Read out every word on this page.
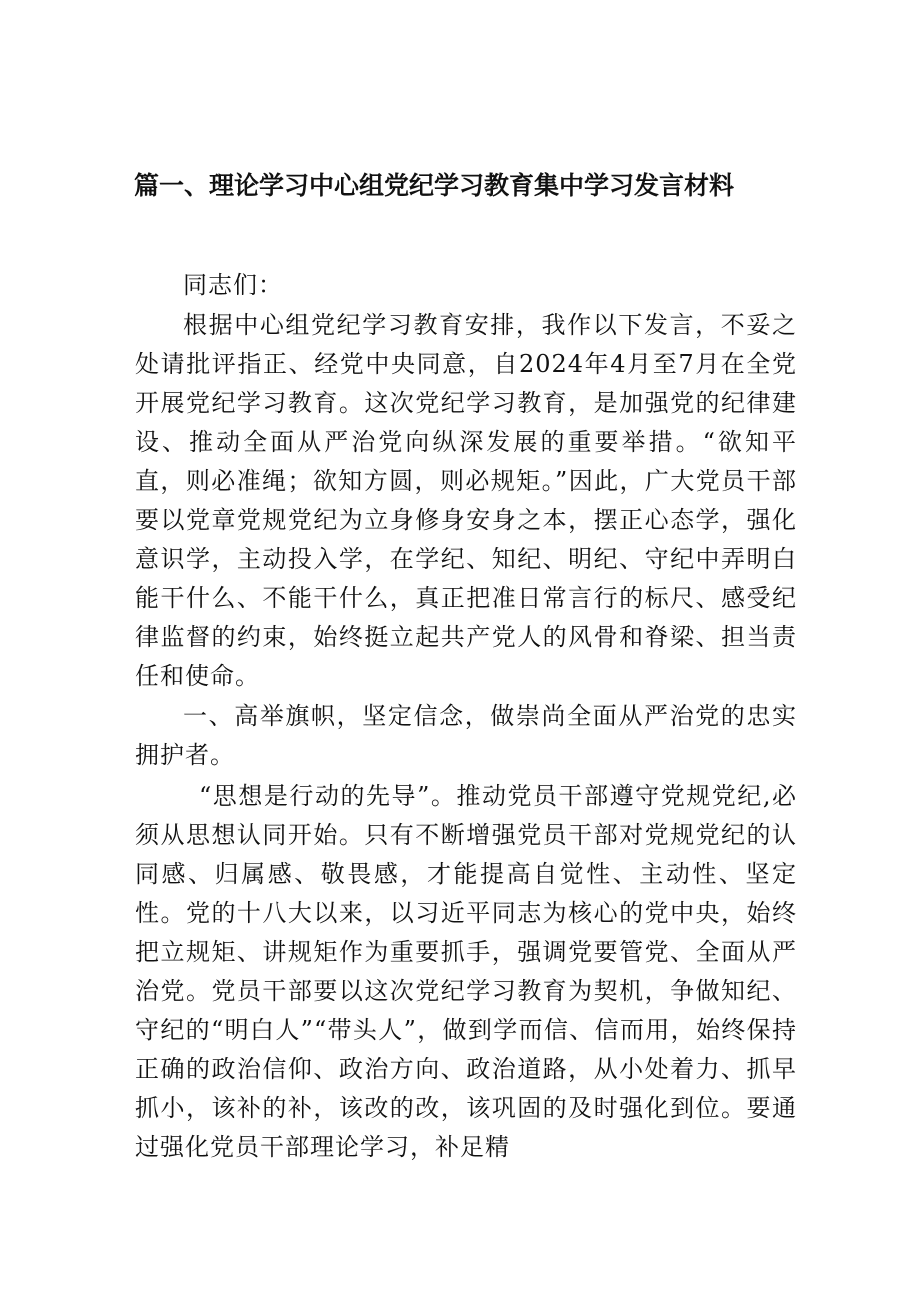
篇一、理论学习中心组党纪学习教育集中学习发言材料

同志们：

根据中心组党纪学习教育安排，我作以下发言，不妥之处请批评指正、经党中央同意，自2024年4月至7月在全党开展党纪学习教育。这次党纪学习教育，是加强党的纪律建设、推动全面从严治党向纵深发展的重要举措。“欲知平直，则必准绳；欲知方圆，则必规矩。”因此，广大党员干部要以党章党规党纪为立身修身安身之本，摆正心态学，强化意识学，主动投入学，在学纪、知纪、明纪、守纪中弄明白能干什么、不能干什么，真正把准日常言行的标尺、感受纪律监督的约束，始终挺立起共产党人的风骨和脊梁、担当责任和使命。

一、高举旗帜，坚定信念，做崇尚全面从严治党的忠实拥护者。

“思想是行动的先导”。推动党员干部遵守党规党纪,必须从思想认同开始。只有不断增强党员干部对党规党纪的认同感、归属感、敬畏感，才能提高自觉性、主动性、坚定性。党的十八大以来，以习近平同志为核心的党中央，始终把立规矩、讲规矩作为重要抓手，强调党要管党、全面从严治党。党员干部要以这次党纪学习教育为契机，争做知纪、守纪的“明白人”“带头人”，做到学而信、信而用，始终保持正确的政治信仰、政治方向、政治道路，从小处着力、抓早抓小，该补的补，该改的改，该巩固的及时强化到位。要通过强化党员干部理论学习，补足精
